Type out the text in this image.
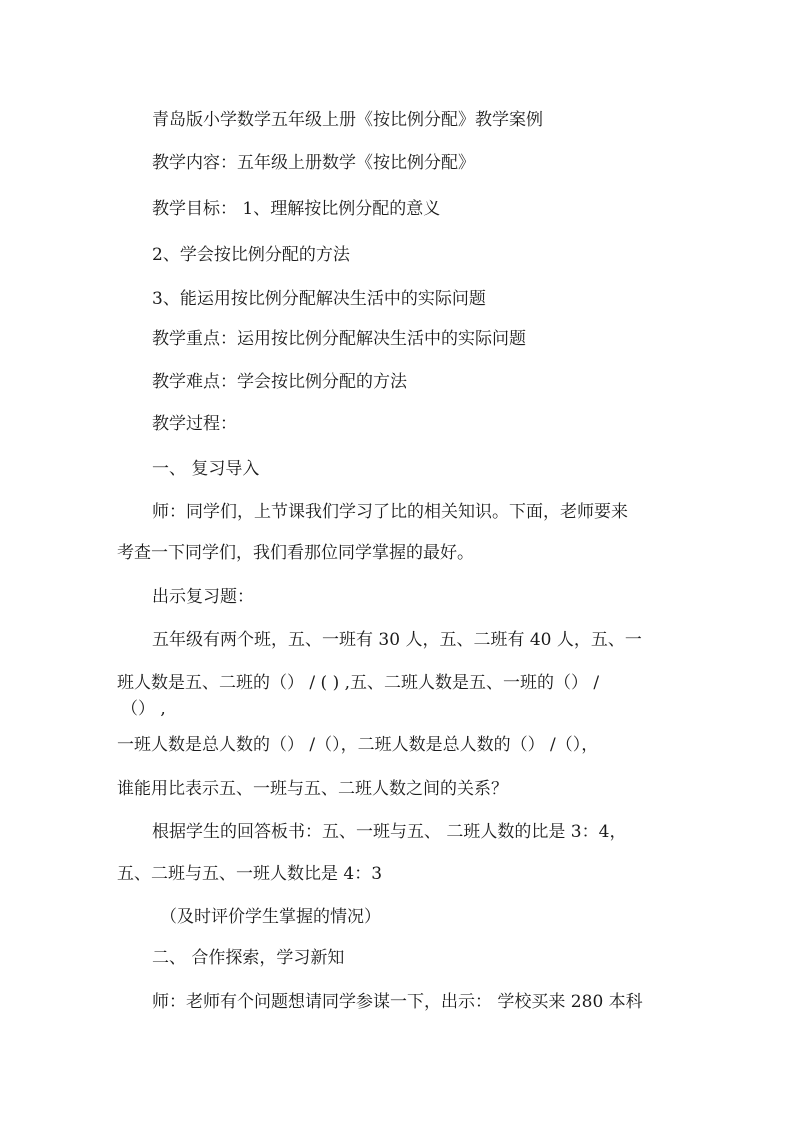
青岛版小学数学五年级上册《按比例分配》教学案例
教学内容：五年级上册数学《按比例分配》
教学目标： 1、理解按比例分配的意义
2、学会按比例分配的方法
3、能运用按比例分配解决生活中的实际问题
教学重点：运用按比例分配解决生活中的实际问题
教学难点：学会按比例分配的方法
教学过程：
一、 复习导入
师：同学们，上节课我们学习了比的相关知识。下面，老师要来
考查一下同学们，我们看那位同学掌握的最好。
出示复习题：
五年级有两个班，五、一班有 30 人，五、二班有 40 人，五、一
班人数是五、二班的（） / ( ) ,五、二班人数是五、一班的（） /
（） ,
一班人数是总人数的（） /（），二班人数是总人数的（） /（），
谁能用比表示五、一班与五、二班人数之间的关系？
根据学生的回答板书：五、一班与五、 二班人数的比是 3：4，
五、二班与五、一班人数比是 4：3
（及时评价学生掌握的情况）
二、 合作探索，学习新知
师：老师有个问题想请同学参谋一下，出示： 学校买来 280 本科
